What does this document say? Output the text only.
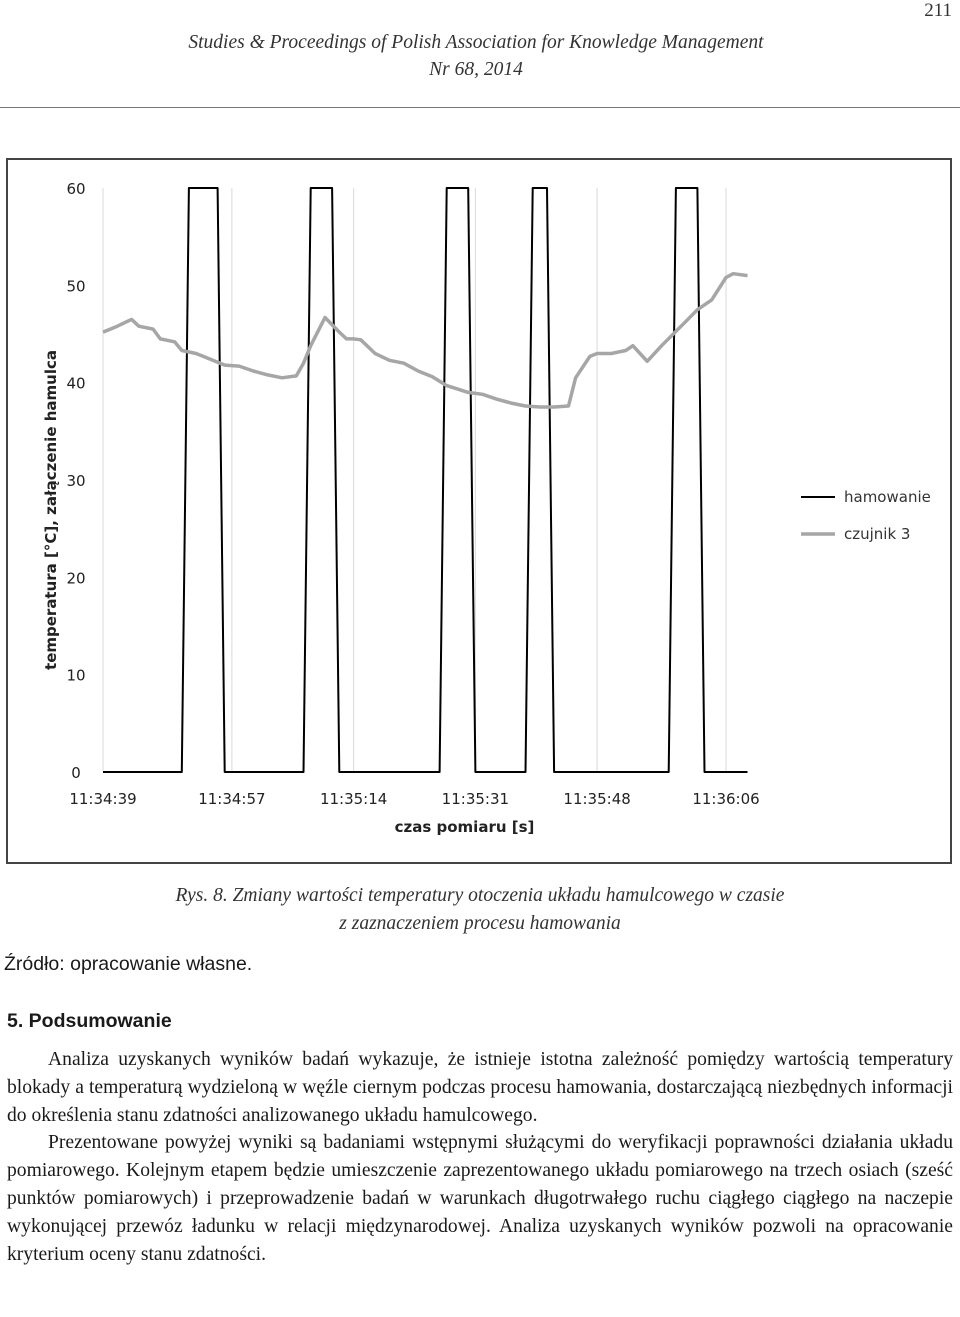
211
Studies & Proceedings of Polish Association for Knowledge Management
Nr 68, 2014
0
10
20
30
40
50
60
11:34:39	11:34:57	11:35:14	11:35:31	11:35:48	11:36:06
czas pomiaru [s]
temperatura [°C], załączenie hamulca	hamowanie
czujnik 3
Rys. 8. Zmiany wartości temperatury otoczenia układu hamulcowego w czasie
z zaznaczeniem procesu hamowania
Źródło: opracowanie własne.
5. Podsumowanie

Analiza uzyskanych wyników badań wykazuje, że istnieje istotna zależność pomiędzy wartością temperatury blokady a temperaturą wydzieloną w węźle ciernym podczas procesu hamowania, dostarczającą niezbędnych informacji do określenia stanu zdatności analizowanego układu hamulcowego.

Prezentowane powyżej wyniki są badaniami wstępnymi służącymi do weryfikacji poprawności działania układu pomiarowego. Kolejnym etapem będzie umieszczenie zaprezentowanego układu pomiarowego na trzech osiach (sześć punktów pomiarowych) i przeprowadzenie badań w warunkach długotrwałego ruchu ciągłego ciągłego na naczepie wykonującej przewóz ładunku w relacji międzynarodowej. Analiza uzyskanych wyników pozwoli na opracowanie kryterium oceny stanu zdatności.
